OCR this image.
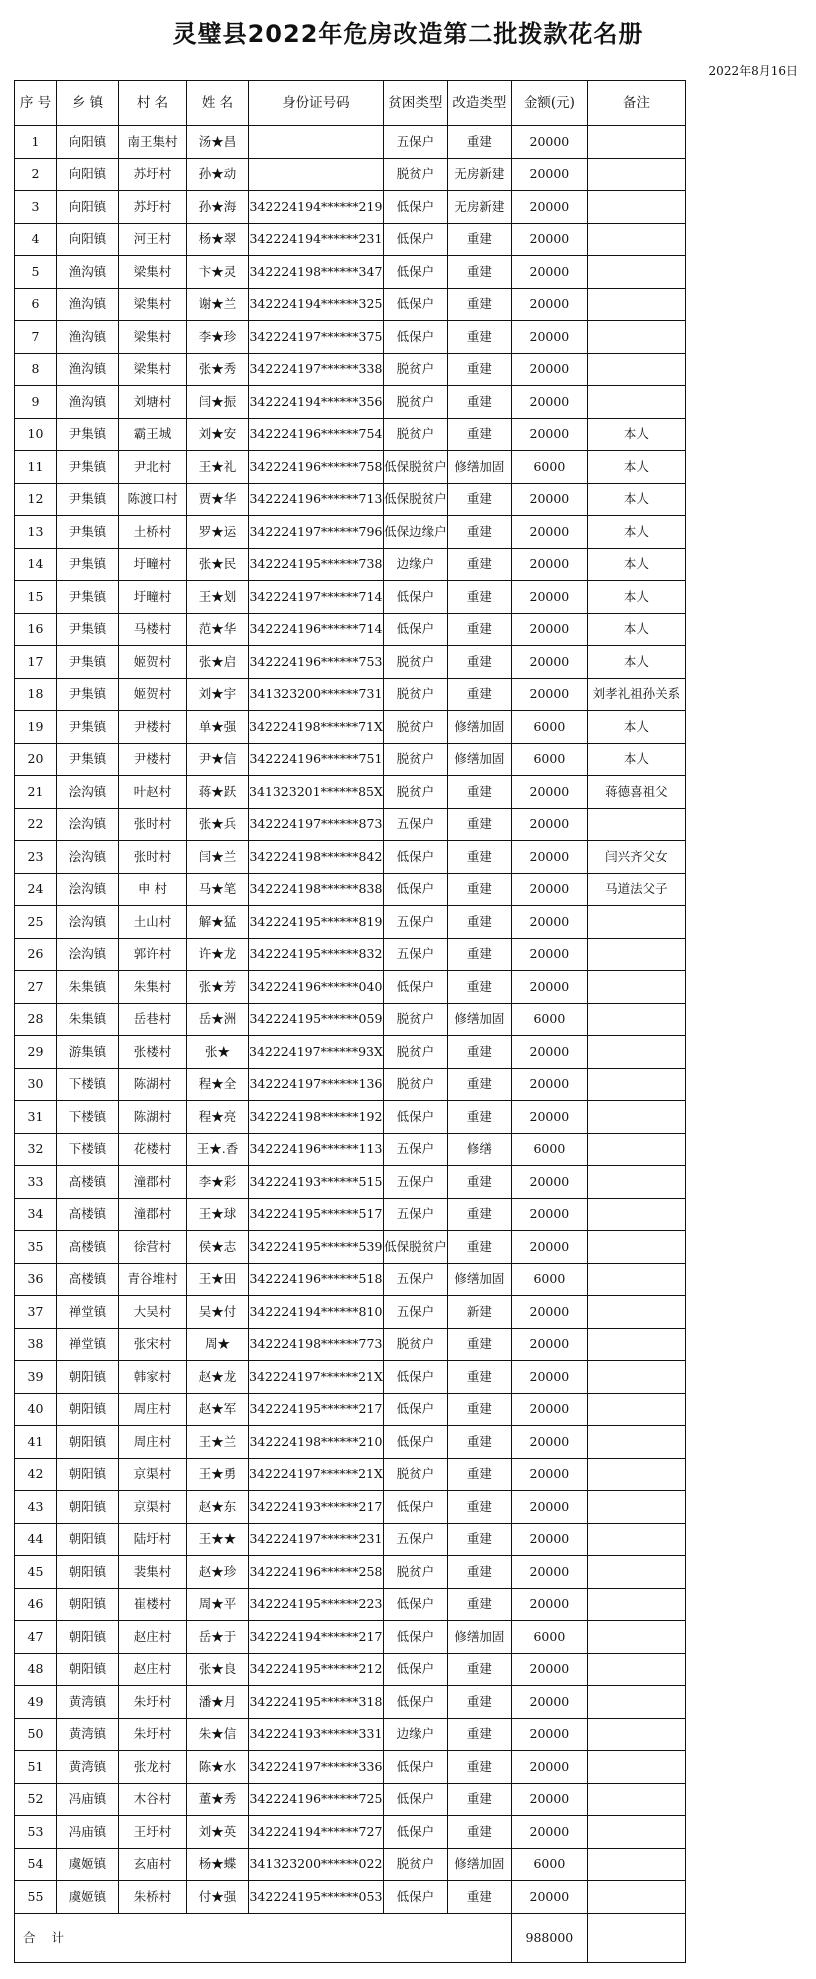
灵璧县2022年危房改造第二批拨款花名册
2022年8月16日
序 号	乡 镇	村 名	姓 名	身份证号码	贫困类型	改造类型	金额(元)	备注
1	向阳镇	南王集村	汤★昌		五保户	重建	20000	
2	向阳镇	苏圩村	孙★动		脱贫户	无房新建	20000	
3	向阳镇	苏圩村	孙★海	342224194******219	低保户	无房新建	20000	
4	向阳镇	河王村	杨★翠	342224194******231	低保户	重建	20000	
5	渔沟镇	梁集村	卞★灵	342224198******347	低保户	重建	20000	
6	渔沟镇	梁集村	谢★兰	342224194******325	低保户	重建	20000	
7	渔沟镇	梁集村	李★珍	342224197******375	低保户	重建	20000	
8	渔沟镇	梁集村	张★秀	342224197******338	脱贫户	重建	20000	
9	渔沟镇	刘塘村	闫★振	342224194******356	脱贫户	重建	20000	
10	尹集镇	霸王城	刘★安	342224196******754	脱贫户	重建	20000	本人
11	尹集镇	尹北村	王★礼	342224196******758	低保脱贫户	修缮加固	6000	本人
12	尹集镇	陈渡口村	贾★华	342224196******713	低保脱贫户	重建	20000	本人
13	尹集镇	土桥村	罗★运	342224197******796	低保边缘户	重建	20000	本人
14	尹集镇	圩疃村	张★民	342224195******738	边缘户	重建	20000	本人
15	尹集镇	圩疃村	王★划	342224197******714	低保户	重建	20000	本人
16	尹集镇	马楼村	范★华	342224196******714	低保户	重建	20000	本人
17	尹集镇	姬贺村	张★启	342224196******753	脱贫户	重建	20000	本人
18	尹集镇	姬贺村	刘★宇	341323200******731	脱贫户	重建	20000	刘孝礼祖孙关系
19	尹集镇	尹楼村	单★强	342224198******71X	脱贫户	修缮加固	6000	本人
20	尹集镇	尹楼村	尹★信	342224196******751	脱贫户	修缮加固	6000	本人
21	浍沟镇	叶赵村	蒋★跃	341323201******85X	脱贫户	重建	20000	蒋德喜祖父
22	浍沟镇	张时村	张★兵	342224197******873	五保户	重建	20000	
23	浍沟镇	张时村	闫★兰	342224198******842	低保户	重建	20000	闫兴齐父女
24	浍沟镇	申 村	马★笔	342224198******838	低保户	重建	20000	马道法父子
25	浍沟镇	土山村	解★猛	342224195******819	五保户	重建	20000	
26	浍沟镇	郭许村	许★龙	342224195******832	五保户	重建	20000	
27	朱集镇	朱集村	张★芳	342224196******040	低保户	重建	20000	
28	朱集镇	岳巷村	岳★洲	342224195******059	脱贫户	修缮加固	6000	
29	游集镇	张楼村	张★	342224197******93X	脱贫户	重建	20000	
30	下楼镇	陈湖村	程★全	342224197******136	脱贫户	重建	20000	
31	下楼镇	陈湖村	程★亮	342224198******192	低保户	重建	20000	
32	下楼镇	花楼村	王★.香	342224196******113	五保户	修缮	6000	
33	高楼镇	潼郡村	李★彩	342224193******515	五保户	重建	20000	
34	高楼镇	潼郡村	王★球	342224195******517	五保户	重建	20000	
35	高楼镇	徐营村	侯★志	342224195******539	低保脱贫户	重建	20000	
36	高楼镇	青谷堆村	王★田	342224196******518	五保户	修缮加固	6000	
37	禅堂镇	大吴村	吴★付	342224194******810	五保户	新建	20000	
38	禅堂镇	张宋村	周★	342224198******773	脱贫户	重建	20000	
39	朝阳镇	韩家村	赵★龙	342224197******21X	低保户	重建	20000	
40	朝阳镇	周庄村	赵★军	342224195******217	低保户	重建	20000	
41	朝阳镇	周庄村	王★兰	342224198******210	低保户	重建	20000	
42	朝阳镇	京渠村	王★勇	342224197******21X	脱贫户	重建	20000	
43	朝阳镇	京渠村	赵★东	342224193******217	低保户	重建	20000	
44	朝阳镇	陆圩村	王★★	342224197******231	五保户	重建	20000	
45	朝阳镇	裴集村	赵★珍	342224196******258	脱贫户	重建	20000	
46	朝阳镇	崔楼村	周★平	342224195******223	低保户	重建	20000	
47	朝阳镇	赵庄村	岳★于	342224194******217	低保户	修缮加固	6000	
48	朝阳镇	赵庄村	张★良	342224195******212	低保户	重建	20000	
49	黄湾镇	朱圩村	潘★月	342224195******318	低保户	重建	20000	
50	黄湾镇	朱圩村	朱★信	342224193******331	边缘户	重建	20000	
51	黄湾镇	张龙村	陈★水	342224197******336	低保户	重建	20000	
52	冯庙镇	木谷村	董★秀	342224196******725	低保户	重建	20000	
53	冯庙镇	王圩村	刘★英	342224194******727	低保户	重建	20000	
54	虞姬镇	玄庙村	杨★蝶	341323200******022	脱贫户	修缮加固	6000	
55	虞姬镇	朱桥村	付★强	342224195******053	低保户	重建	20000	
合 计							988000	
